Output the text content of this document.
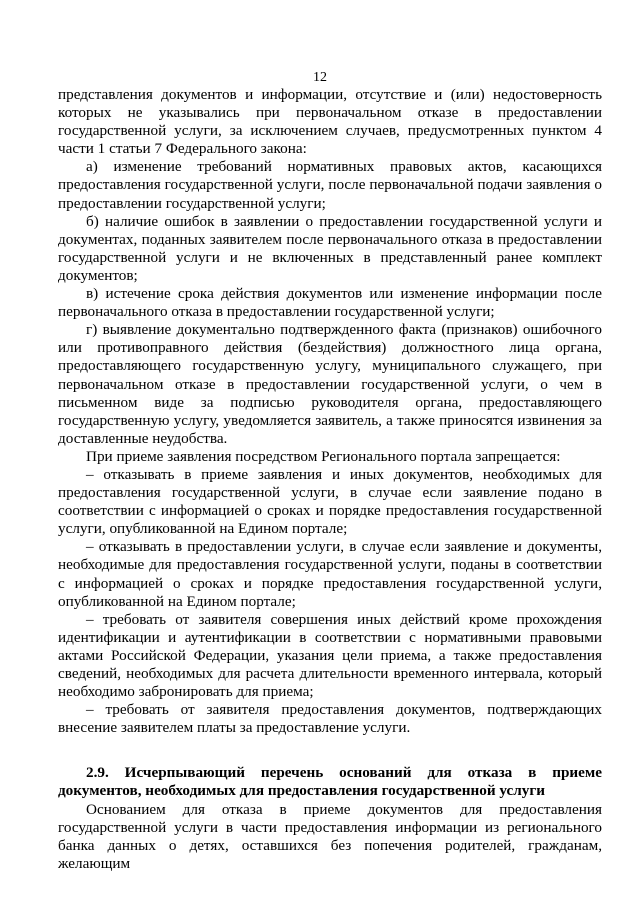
12

представления документов и информации, отсутствие и (или) недостоверность которых не указывались при первоначальном отказе в предоставлении государственной услуги, за исключением случаев, предусмотренных пунктом 4 части 1 статьи 7 Федерального закона:

а) изменение требований нормативных правовых актов, касающихся предоставления государственной услуги, после первоначальной подачи заявления о предоставлении государственной услуги;

б) наличие ошибок в заявлении о предоставлении государственной услуги и документах, поданных заявителем после первоначального отказа в предоставлении государственной услуги и не включенных в представленный ранее комплект документов;

в) истечение срока действия документов или изменение информации после первоначального отказа в предоставлении государственной услуги;

г) выявление документально подтвержденного факта (признаков) ошибочного или противоправного действия (бездействия) должностного лица органа, предоставляющего государственную услугу, муниципального служащего, при первоначальном отказе в предоставлении государственной услуги, о чем в письменном виде за подписью руководителя органа, предоставляющего государственную услугу, уведомляется заявитель, а также приносятся извинения за доставленные неудобства.

При приеме заявления посредством Регионального портала запрещается:

– отказывать в приеме заявления и иных документов, необходимых для предоставления государственной услуги, в случае если заявление подано в соответствии с информацией о сроках и порядке предоставления государственной услуги, опубликованной на Едином портале;

– отказывать в предоставлении услуги, в случае если заявление и документы, необходимые для предоставления государственной услуги, поданы в соответствии с информацией о сроках и порядке предоставления государственной услуги, опубликованной на Едином портале;

– требовать от заявителя совершения иных действий кроме прохождения идентификации и аутентификации в соответствии с нормативными правовыми актами Российской Федерации, указания цели приема, а также предоставления сведений, необходимых для расчета длительности временного интервала, который необходимо забронировать для приема;

– требовать от заявителя предоставления документов, подтверждающих внесение заявителем платы за предоставление услуги.

2.9. Исчерпывающий перечень оснований для отказа в приеме документов, необходимых для предоставления государственной услуги

Основанием для отказа в приеме документов для предоставления государственной услуги в части предоставления информации из регионального банка данных о детях, оставшихся без попечения родителей, гражданам, желающим
